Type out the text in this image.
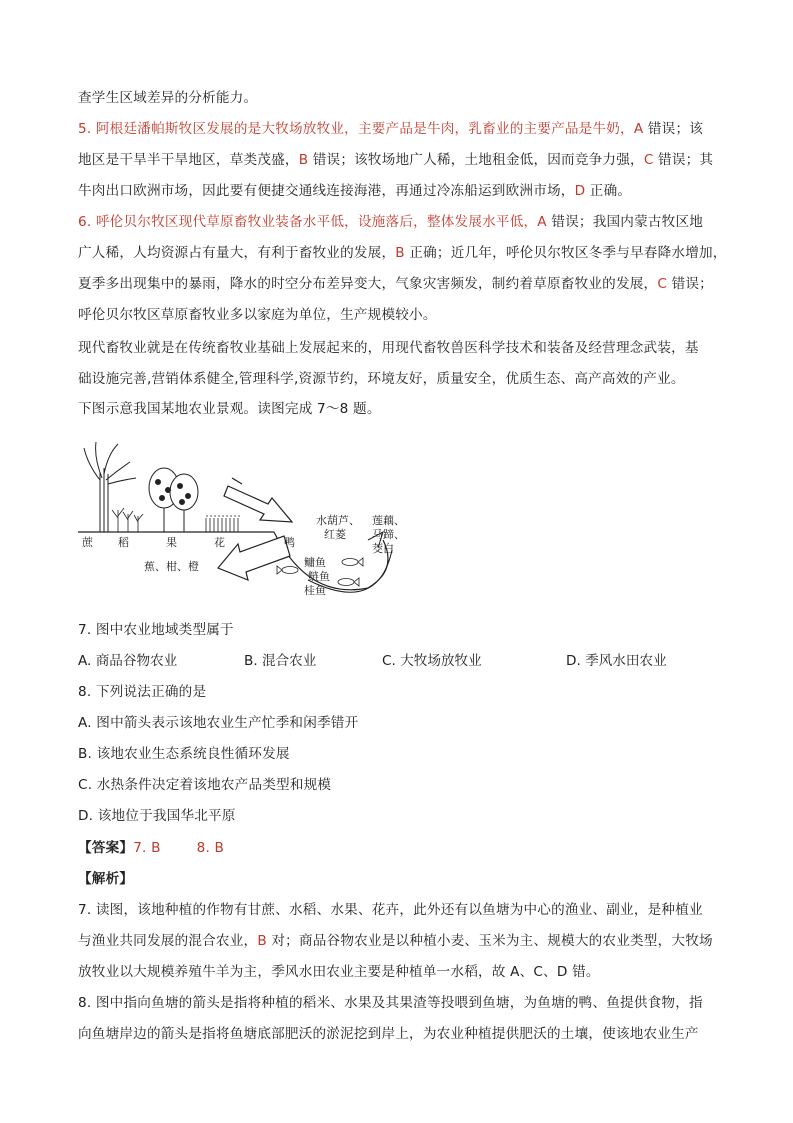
查学生区域差异的分析能力。
5. 阿根廷潘帕斯牧区发展的是大牧场放牧业，主要产品是牛肉，乳畜业的主要产品是牛奶，A 错误；该
地区是干旱半干旱地区，草类茂盛，B 错误；该牧场地广人稀，土地租金低，因而竞争力强，C 错误；其
牛肉出口欧洲市场，因此要有便捷交通线连接海港，再通过冷冻船运到欧洲市场，D 正确。
6. 呼伦贝尔牧区现代草原畜牧业装备水平低，设施落后，整体发展水平低，A 错误；我国内蒙古牧区地
广人稀，人均资源占有量大，有利于畜牧业的发展，B 正确；近几年，呼伦贝尔牧区冬季与早春降水增加，
夏季多出现集中的暴雨，降水的时空分布差异变大，气象灾害频发，制约着草原畜牧业的发展，C 错误；
呼伦贝尔牧区草原畜牧业多以家庭为单位，生产规模较小。
现代畜牧业就是在传统畜牧业基础上发展起来的，用现代畜牧兽医科学技术和装备及经营理念武装，基
础设施完善,营销体系健全,管理科学,资源节约，环境友好，质量安全，优质生态、高产高效的产业。
下图示意我国某地农业景观。读图完成 7～8 题。
蔗 稻	果	花	鸭
水葫芦、
红菱
莲藕、
马蹄、
茭白
蕉、柑、橙	鳙鱼
鲢鱼
桂鱼
7. 图中农业地域类型属于
A. 商品谷物农业	B. 混合农业	C. 大牧场放牧业	D. 季风水田农业
8. 下列说法正确的是
A. 图中箭头表示该地农业生产忙季和闲季错开
B. 该地农业生态系统良性循环发展
C. 水热条件决定着该地农产品类型和规模
D. 该地位于我国华北平原
【答案】7. B	8. B
【解析】
7. 读图，该地种植的作物有甘蔗、水稻、水果、花卉，此外还有以鱼塘为中心的渔业、副业，是种植业
与渔业共同发展的混合农业，B 对；商品谷物农业是以种植小麦、玉米为主、规模大的农业类型，大牧场
放牧业以大规模养殖牛羊为主，季风水田农业主要是种植单一水稻，故 A、C、D 错。
8. 图中指向鱼塘的箭头是指将种植的稻米、水果及其果渣等投喂到鱼塘，为鱼塘的鸭、鱼提供食物，指
向鱼塘岸边的箭头是指将鱼塘底部肥沃的淤泥挖到岸上，为农业种植提供肥沃的土壤，使该地农业生产
